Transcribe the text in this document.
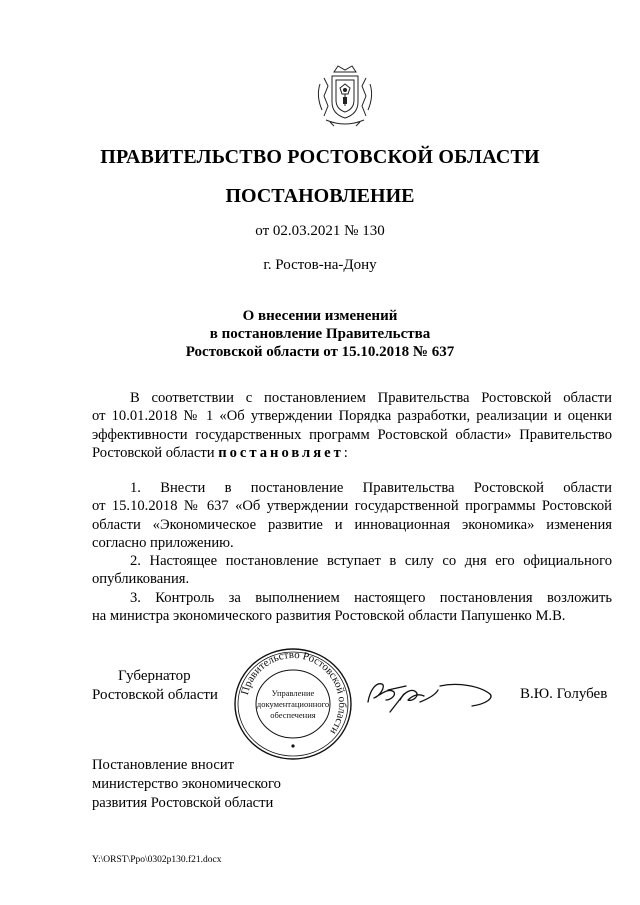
ПРАВИТЕЛЬСТВО РОСТОВСКОЙ ОБЛАСТИ
ПОСТАНОВЛЕНИЕ
от 02.03.2021 № 130
г. Ростов-на-Дону
О внесении изменений
в постановление Правительства
Ростовской области от 15.10.2018 № 637
В соответствии с постановлением Правительства Ростовской области
от 10.01.2018 № 1 «Об утверждении Порядка разработки, реализации и оценки
эффективности государственных программ Ростовской области» Правительство
Ростовской области постановляет:
1. Внести в постановление Правительства Ростовской области
от 15.10.2018 № 637 «Об утверждении государственной программы Ростовской
области «Экономическое развитие и инновационная экономика» изменения
согласно приложению.
2. Настоящее постановление вступает в силу со дня его официального
опубликования.
3. Контроль за выполнением настоящего постановления возложить
на министра экономического развития Ростовской области Папушенко М.В.
Губернатор
Ростовской области Правительство Ростовской области
Управление
документационного
обеспечения
В.Ю. Голубев
Постановление вносит
министерство экономического
развития Ростовской области
Y:\ORST\Ppo\0302p130.f21.docx
